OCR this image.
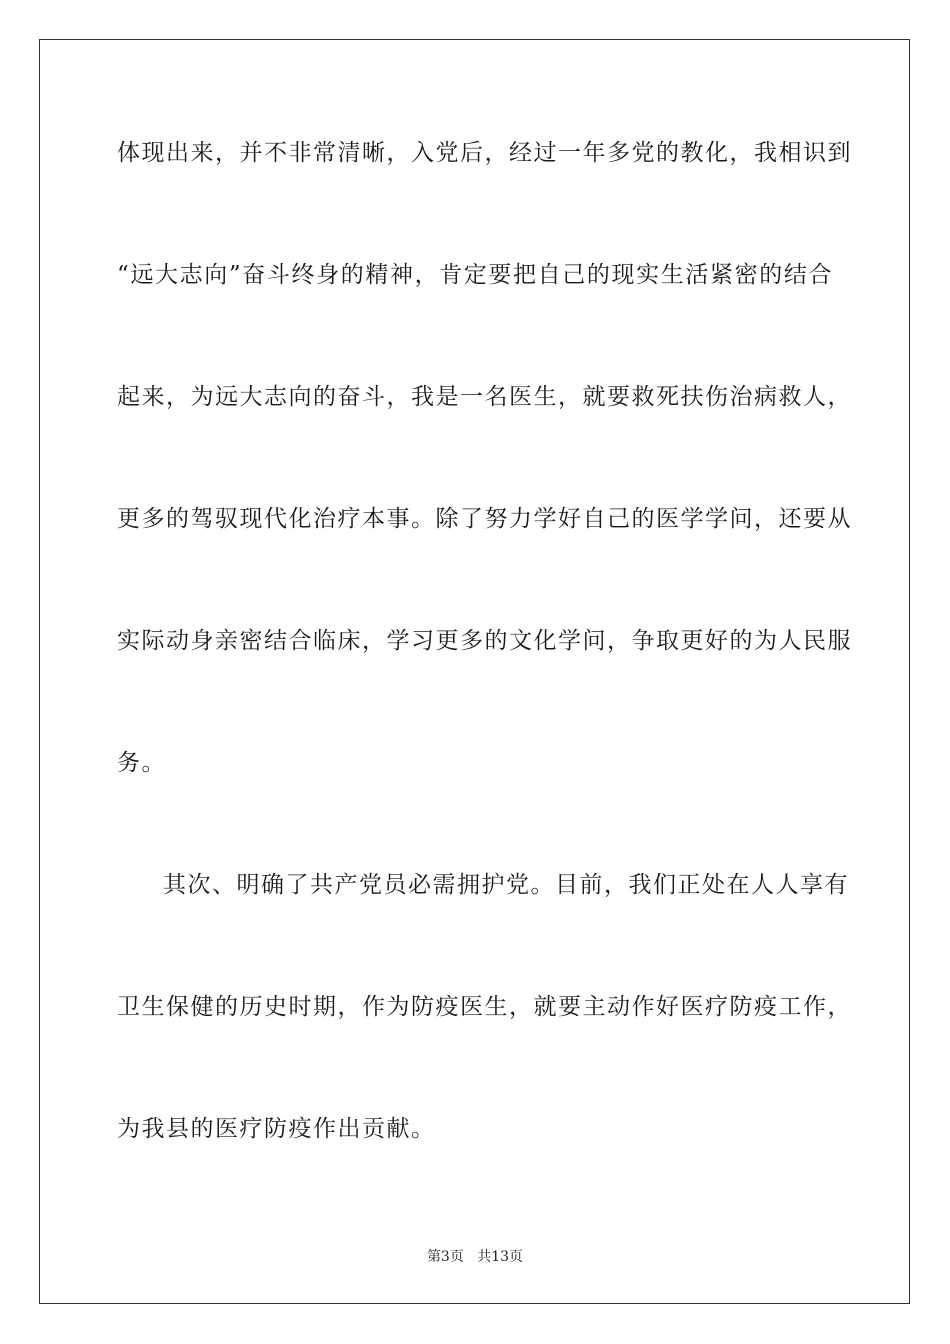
体现出来，并不非常清晰，入党后，经过一年多党的教化，我相识到
“远大志向”奋斗终身的精神，肯定要把自己的现实生活紧密的结合
起来，为远大志向的奋斗，我是一名医生，就要救死扶伤治病救人，
更多的驾驭现代化治疗本事。除了努力学好自己的医学学问，还要从
实际动身亲密结合临床，学习更多的文化学问，争取更好的为人民服
务。
其次、明确了共产党员必需拥护党。目前，我们正处在人人享有
卫生保健的历史时期，作为防疫医生，就要主动作好医疗防疫工作，
为我县的医疗防疫作出贡献。
第3页 共13页
